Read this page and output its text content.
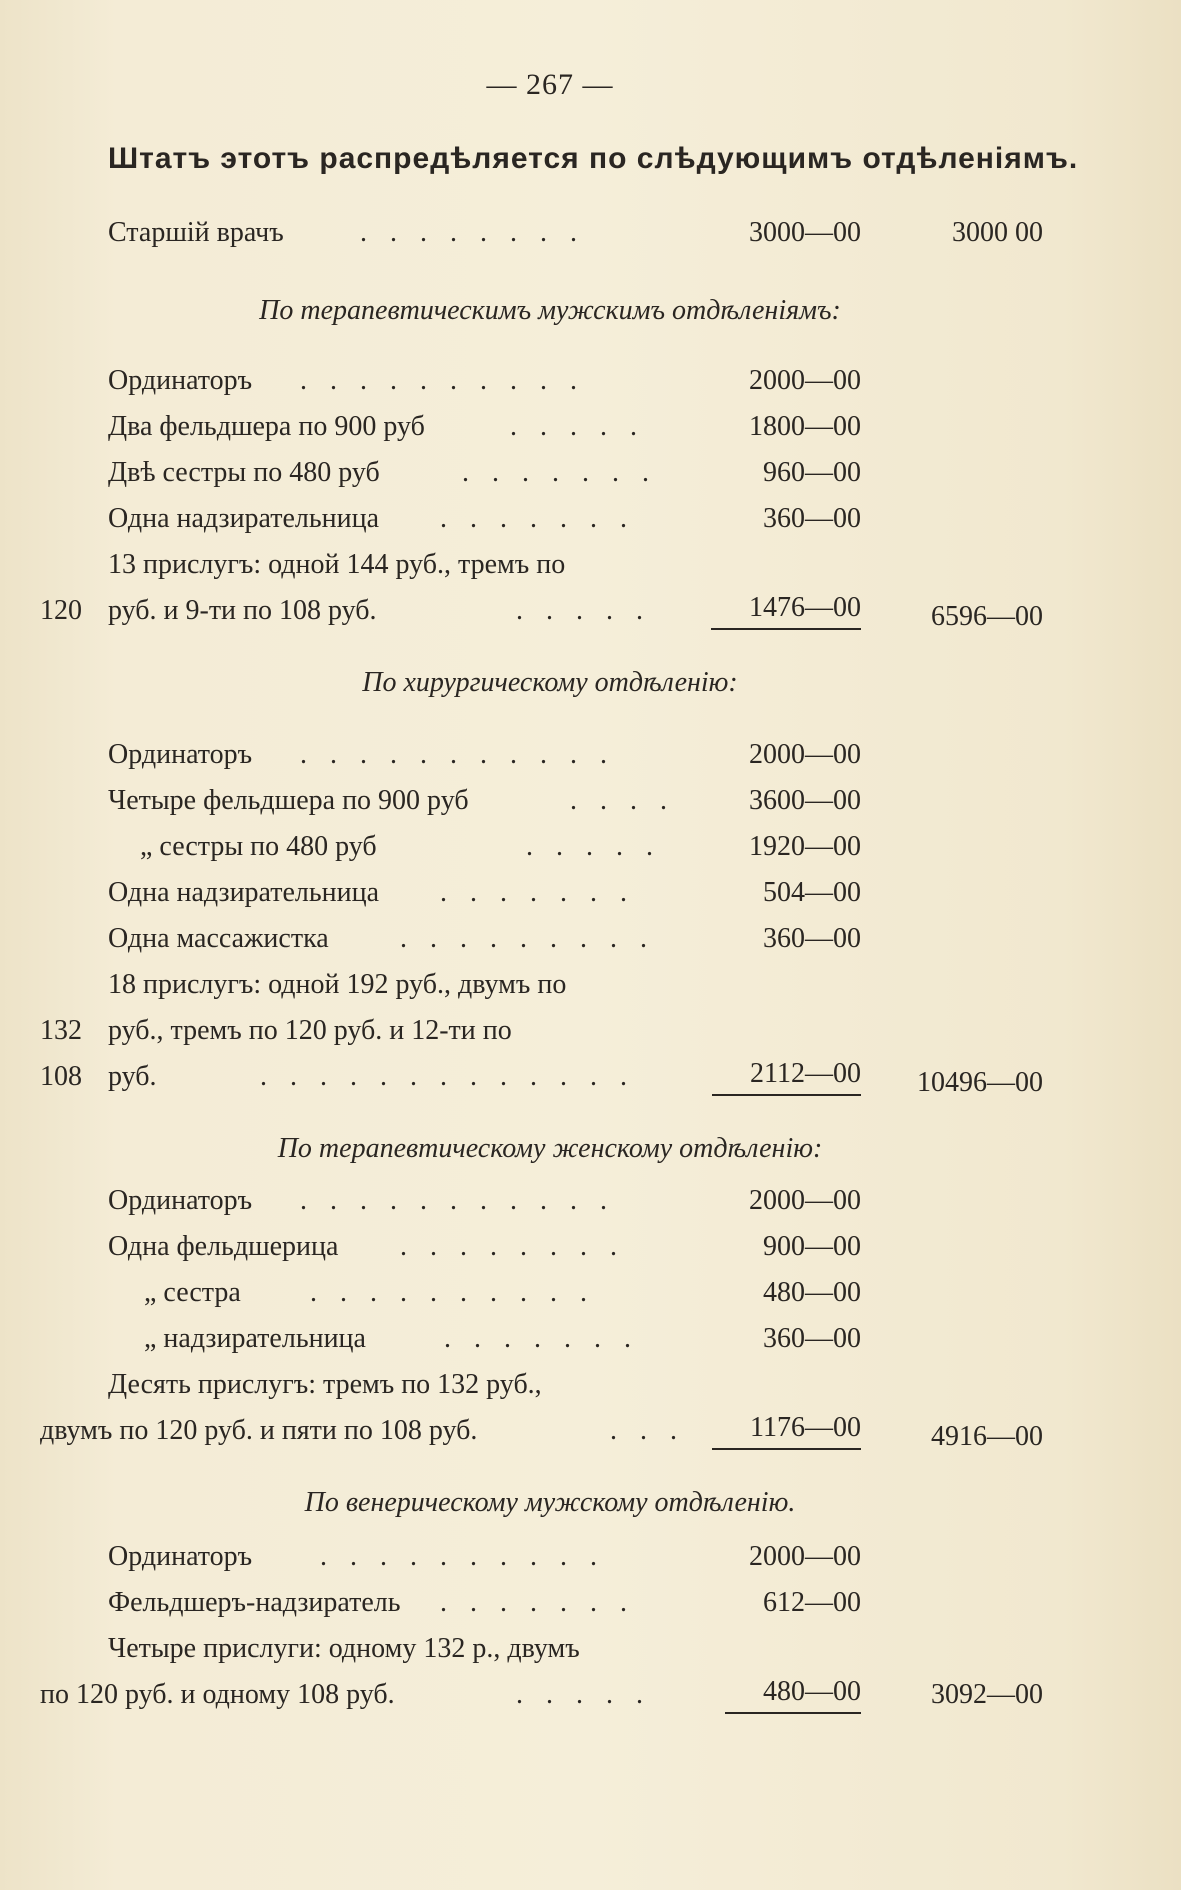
— 267 —
Штатъ этотъ распредѣляется по слѣдующимъ отдѣленiямъ.
Старшiй врачъ	. . . . . . . .	3000—00	3000 00
По терапевтическимъ мужскимъ отдѣленiямъ:
Ординаторъ . . . . . . . . . .	2000—00
Два фельдшера по 900 руб	. . . . .	1800—00
Двѣ сестры по 480 руб	. . . . . . .	960—00
Одна надзирательница . . . . . . .	360—00
13 прислугъ: одной 144 руб., тремъ по
120 руб. и 9-ти по 108 руб.	. . . . .	1476—00	6596—00
По хирургическому отдѣленiю:
Ординаторъ . . . . . . . . . . .	2000—00
Четыре фельдшера по 900 руб	. . . .	3600—00
„ сестры по 480 руб	. . . . .	1920—00
Одна надзирательница . . . . . . .	504—00
Одна массажистка	. . . . . . . . .	360—00
18 прислугъ: одной 192 руб., двумъ по
132 руб., тремъ по 120 руб. и 12-ти по
108 руб.	. . . . . . . . . . . . .	2112—00 10496—00
По терапевтическому женскому отдѣленiю:
Ординаторъ . . . . . . . . . . .	2000—00
Одна фельдшерица . . . . . . . .	900—00
„ сестра . . . . . . . . . .	480—00
„ надзирательница	. . . . . . .	360—00
Десять прислугъ: тремъ по 132 руб.,
двумъ по 120 руб. и пяти по 108 руб.	. . .	1176—00	4916—00
По венерическому мужскому отдѣленiю.
Ординаторъ . . . . . . . . . .	2000—00
Фельдшеръ-надзиратель . . . . . . .	612—00
Четыре прислуги: одному 132 р., двумъ
по 120 руб. и одному 108 руб.	. . . . .	480—00	3092—00
